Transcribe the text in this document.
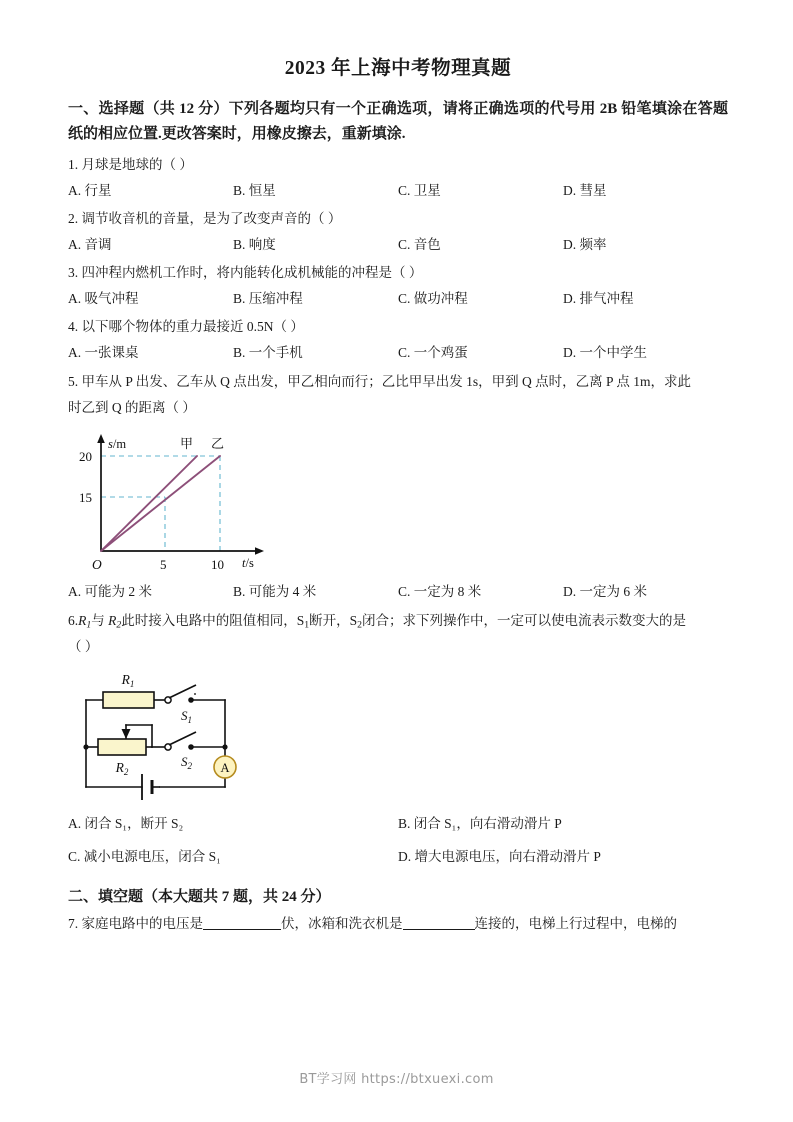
2023 年上海中考物理真题
一、选择题（共 12 分）下列各题均只有一个正确选项，请将正确选项的代号用 2B 铅笔填涂在答题纸的相应位置.更改答案时，用橡皮擦去，重新填涂.
1. 月球是地球的（ ）
A. 行星	B. 恒星	C. 卫星	D. 彗星
2. 调节收音机的音量，是为了改变声音的（ ）
A. 音调	B. 响度	C. 音色	D. 频率
3. 四冲程内燃机工作时，将内能转化成机械能的冲程是（ ）
A. 吸气冲程	B. 压缩冲程	C. 做功冲程	D. 排气冲程
4. 以下哪个物体的重力最接近 0.5N（ ）
A. 一张课桌	B. 一个手机	C. 一个鸡蛋	D. 一个中学生
5. 甲车从 P 出发、乙车从 Q 点出发，甲乙相向而行；乙比甲早出发 1s，甲到 Q 点时，乙离 P 点 1m，求此
时乙到 Q 的距离（ ）
s/m
20
15
O	5	10 t/s
甲 乙
A. 可能为 2 米	B. 可能为 4 米	C. 一定为 8 米	D. 一定为 6 米
$6.R_1$与 $R_2$此时接入电路中的阻值相同，$S_1$断开，$S_2$闭合；求下列操作中，一定可以使电流表示数变大的是
（ ）
A
$R_1$
$R_2$
$S_1$
$S_2$
A. 闭合 S₁，断开 S₂	B. 闭合 S₁，向右滑动滑片 P
C. 减小电源电压，闭合 S₁	D. 增大电源电压，向右滑动滑片 P
二、填空题（本大题共 7 题，共 24 分）
7. 家庭电路中的电压是	伏，冰箱和洗衣机是	连接的，电梯上行过程中，电梯的
BT学习网 https://btxuexi.com
